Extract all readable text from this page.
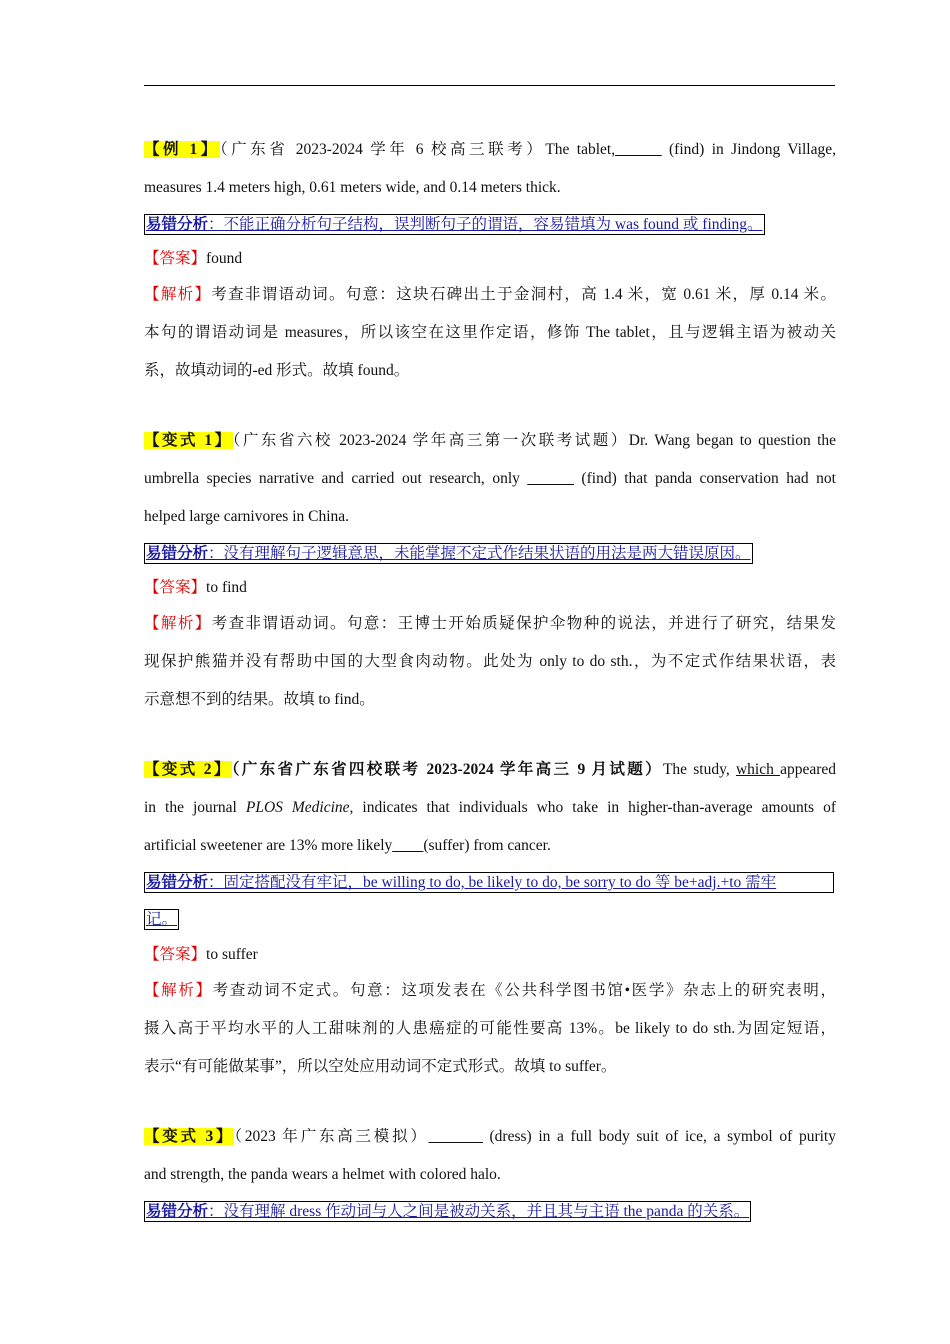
【例 1】（广东省 2023-2024 学年 6 校高三联考）The tablet,______ (find) in Jindong Village,
measures 1.4 meters high, 0.61 meters wide, and 0.14 meters thick.
易错分析：不能正确分析句子结构，误判断句子的谓语，容易错填为 was found 或 finding。
【答案】found
【解析】考查非谓语动词。句意：这块石碑出土于金洞村，高 1.4 米，宽 0.61 米，厚 0.14 米。
本句的谓语动词是 measures，所以该空在这里作定语，修饰 The tablet，且与逻辑主语为被动关
系，故填动词的-ed 形式。故填 found。
【变式 1】（广东省六校 2023-2024 学年高三第一次联考试题）Dr. Wang began to question the
umbrella species narrative and carried out research, only ______ (find) that panda conservation had not
helped large carnivores in China.
易错分析：没有理解句子逻辑意思，未能掌握不定式作结果状语的用法是两大错误原因。
【答案】to find
【解析】考查非谓语动词。句意：王博士开始质疑保护伞物种的说法，并进行了研究，结果发
现保护熊猫并没有帮助中国的大型食肉动物。此处为 only to do sth.，为不定式作结果状语，表
示意想不到的结果。故填 to find。
【变式 2】（广东省广东省四校联考 2023-2024 学年高三 9 月试题）The study, which appeared
in the journal PLOS Medicine, indicates that individuals who take in higher-than-average amounts of
artificial sweetener are 13% more likely____(suffer) from cancer.
易错分析：固定搭配没有牢记，be willing to do, be likely to do, be sorry to do 等 be+adj.+to 需牢
记。
【答案】to suffer
【解析】考查动词不定式。句意：这项发表在《公共科学图书馆•医学》杂志上的研究表明，
摄入高于平均水平的人工甜味剂的人患癌症的可能性要高 13%。be likely to do sth.为固定短语，
表示“有可能做某事”，所以空处应用动词不定式形式。故填 to suffer。
【变式 3】（2023 年广东高三模拟）_______ (dress) in a full body suit of ice, a symbol of purity
and strength, the panda wears a helmet with colored halo.
易错分析：没有理解 dress 作动词与人之间是被动关系，并且其与主语 the panda 的关系。
